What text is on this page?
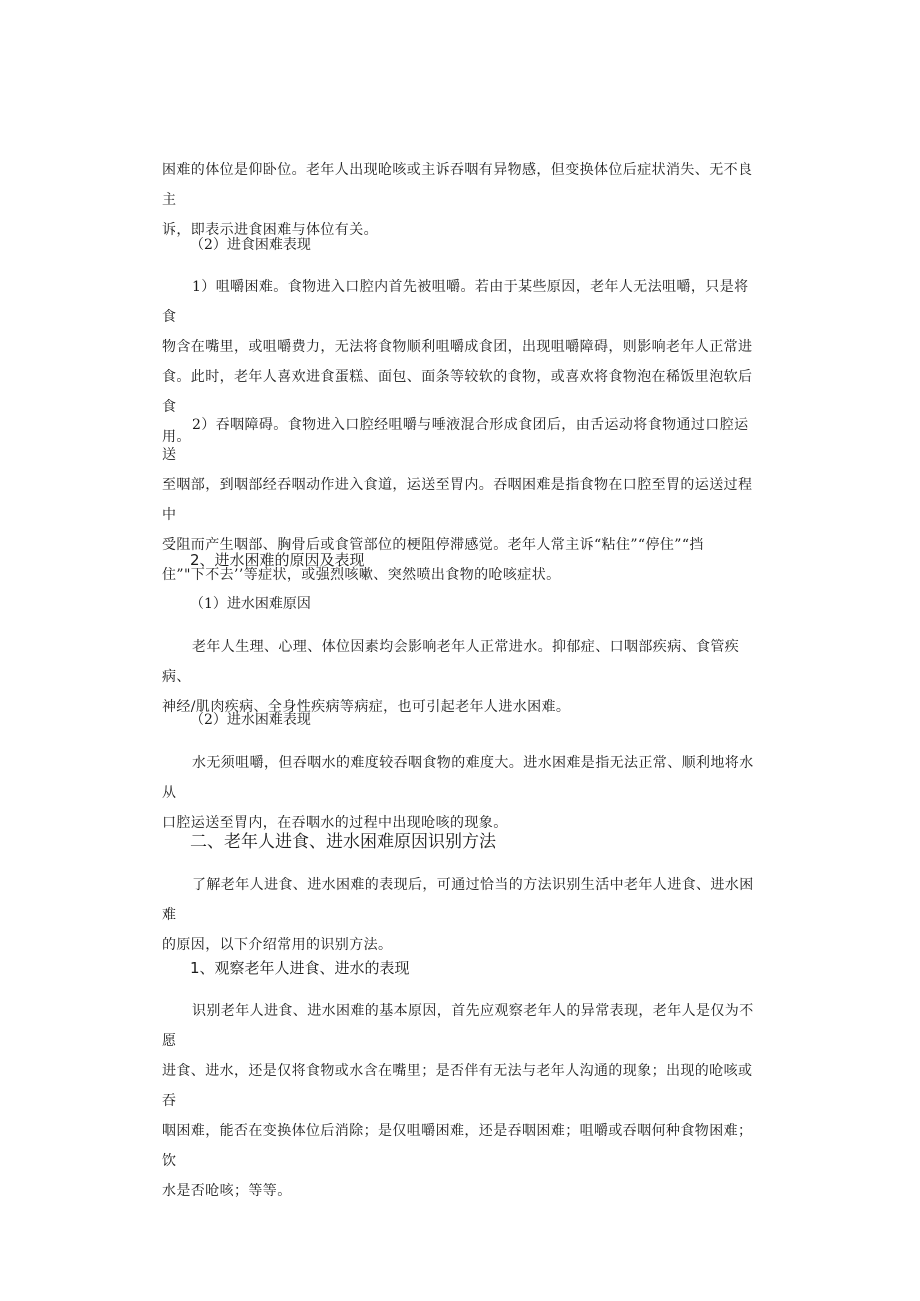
困难的体位是仰卧位。老年人出现呛咳或主诉吞咽有异物感，但变换体位后症状消失、无不良主

诉，即表示进食困难与体位有关。

（2）进食困难表现

1）咀嚼困难。食物进入口腔内首先被咀嚼。若由于某些原因，老年人无法咀嚼，只是将食

物含在嘴里，或咀嚼费力，无法将食物顺利咀嚼成食团，出现咀嚼障碍，则影响老年人正常进

食。此时，老年人喜欢进食蛋糕、面包、面条等较软的食物，或喜欢将食物泡在稀饭里泡软后食

用。

2）吞咽障碍。食物进入口腔经咀嚼与唾液混合形成食团后，由舌运动将食物通过口腔运送

至咽部，到咽部经吞咽动作进入食道，运送至胃内。吞咽困难是指食物在口腔至胃的运送过程中

受阻而产生咽部、胸骨后或食管部位的梗阻停滞感觉。老年人常主诉“粘住”“停住”“挡

住”"下不去’’等症状，或强烈咳嗽、突然喷出食物的呛咳症状。

2、进水困难的原因及表现

（1）进水困难原因

老年人生理、心理、体位因素均会影响老年人正常进水。抑郁症、口咽部疾病、食管疾病、

神经/肌肉疾病、全身性疾病等病症，也可引起老年人进水困难。

（2）进水困难表现

水无须咀嚼，但吞咽水的难度较吞咽食物的难度大。进水困难是指无法正常、顺利地将水从

口腔运送至胃内，在吞咽水的过程中出现呛咳的现象。

二、老年人进食、进水困难原因识别方法

了解老年人进食、进水困难的表现后，可通过恰当的方法识别生活中老年人进食、进水困难

的原因，以下介绍常用的识别方法。

1、观察老年人进食、进水的表现

识别老年人进食、进水困难的基本原因，首先应观察老年人的异常表现，老年人是仅为不愿

进食、进水，还是仅将食物或水含在嘴里；是否伴有无法与老年人沟通的现象；出现的呛咳或吞

咽困难，能否在变换体位后消除；是仅咀嚼困难，还是吞咽困难；咀嚼或吞咽何种食物困难；饮

水是否呛咳；等等。
